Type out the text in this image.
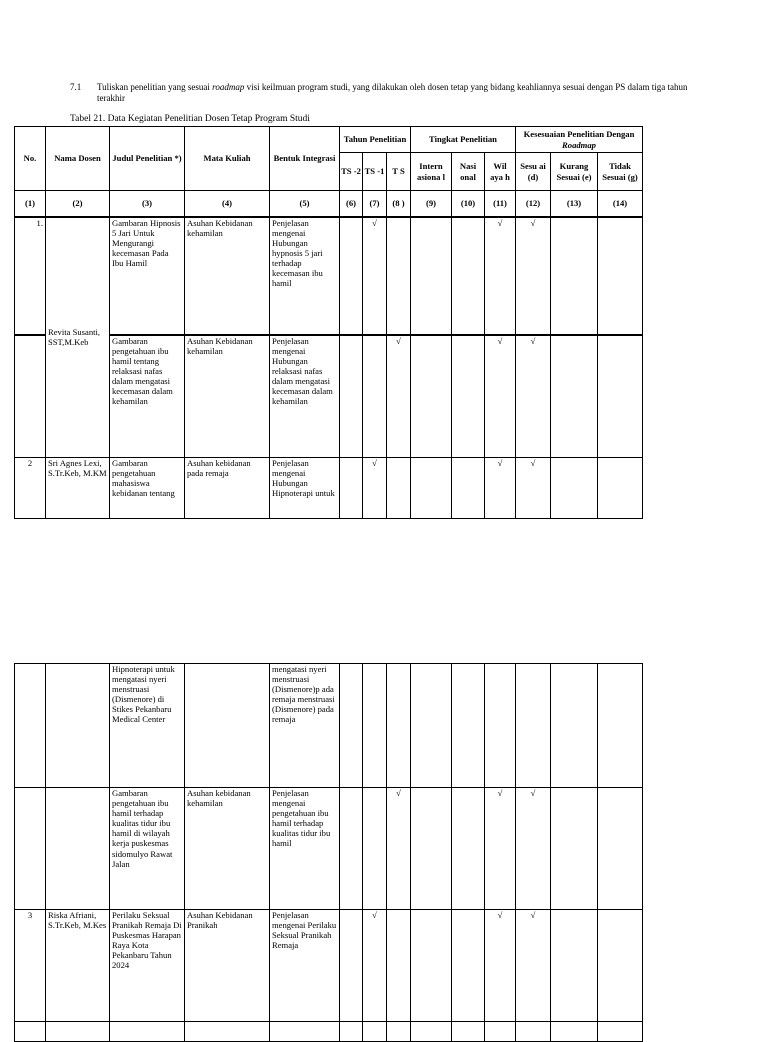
7.1 Tuliskan penelitian yang sesuai roadmap visi keilmuan program studi, yang dilakukan oleh dosen tetap yang bidang keahliannya sesuai dengan PS dalam tiga tahun terakhir
Tabel 21. Data Kegiatan Penelitian Dosen Tetap Program Studi
No.	Nama Dosen	Judul Penelitian *)	Mata Kuliah	Bentuk Integrasi	Tahun Penelitian			Tingkat Penelitian			Kesesuaian Penelitian Dengan Roadmap		
					TS -2	TS -1	T S	Intern asiona l	Nasi onal	Wil aya h	Sesu ai (d)	Kurang Sesuai (e)	Tidak Sesuai (g)
(1)	(2)	(3)	(4)	(5)	(6)	(7)	(8 )	(9)	(10)	(11)	(12)	(13)	(14)
1.	Revita Susanti, SST,M.Keb	Gambaran Hipnosis 5 Jari Untuk Mengurangi kecemasan Pada Ibu Hamil	Asuhan Kebidanan kehamilan	Penjelasan mengenai Hubungan hypnosis 5 jari terhadap kecemasan ibu hamil		√				√	√		
		Gambaran pengetahuan ibu hamil tentang relaksasi nafas dalam mengatasi kecemasan dalam kehamilan	Asuhan Kebidanan kehamilan	Penjelasan mengenai Hubungan relaksasi nafas dalam mengatasi kecemasan dalam kehamilan			√			√	√		
2	Sri Agnes Lexi, S.Tr.Keb, M.KM	Gambaran pengetahuan mahasiswa kebidanan tentang	Asuhan kebidanan pada remaja	Penjelasan mengenai Hubungan Hipnoterapi untuk		√				√	√		
		Hipnoterapi untuk mengatasi nyeri menstruasi (Dismenore) di Stikes Pekanbaru Medical Center		mengatasi nyeri menstruasi (Dismenore)p ada remaja menstruasi (Dismenore) pada remaja									
		Gambaran pengetahuan ibu hamil terhadap kualitas tidur ibu hamil di wilayah kerja puskesmas sidomulyo Rawat Jalan	Asuhan kebidanan kehamilan	Penjelasan mengenai pengetahuan ibu hamil terhadap kualitas tidur ibu hamil			√			√	√		
3	Riska Afriani, S.Tr.Keb, M.Kes	Perilaku Seksual Pranikah Remaja Di Puskesmas Harapan Raya Kota Pekanbaru Tahun 2024	Asuhan Kebidanan Pranikah	Penjelasan mengenai Perilaku Seksual Pranikah Remaja		√				√	√		
